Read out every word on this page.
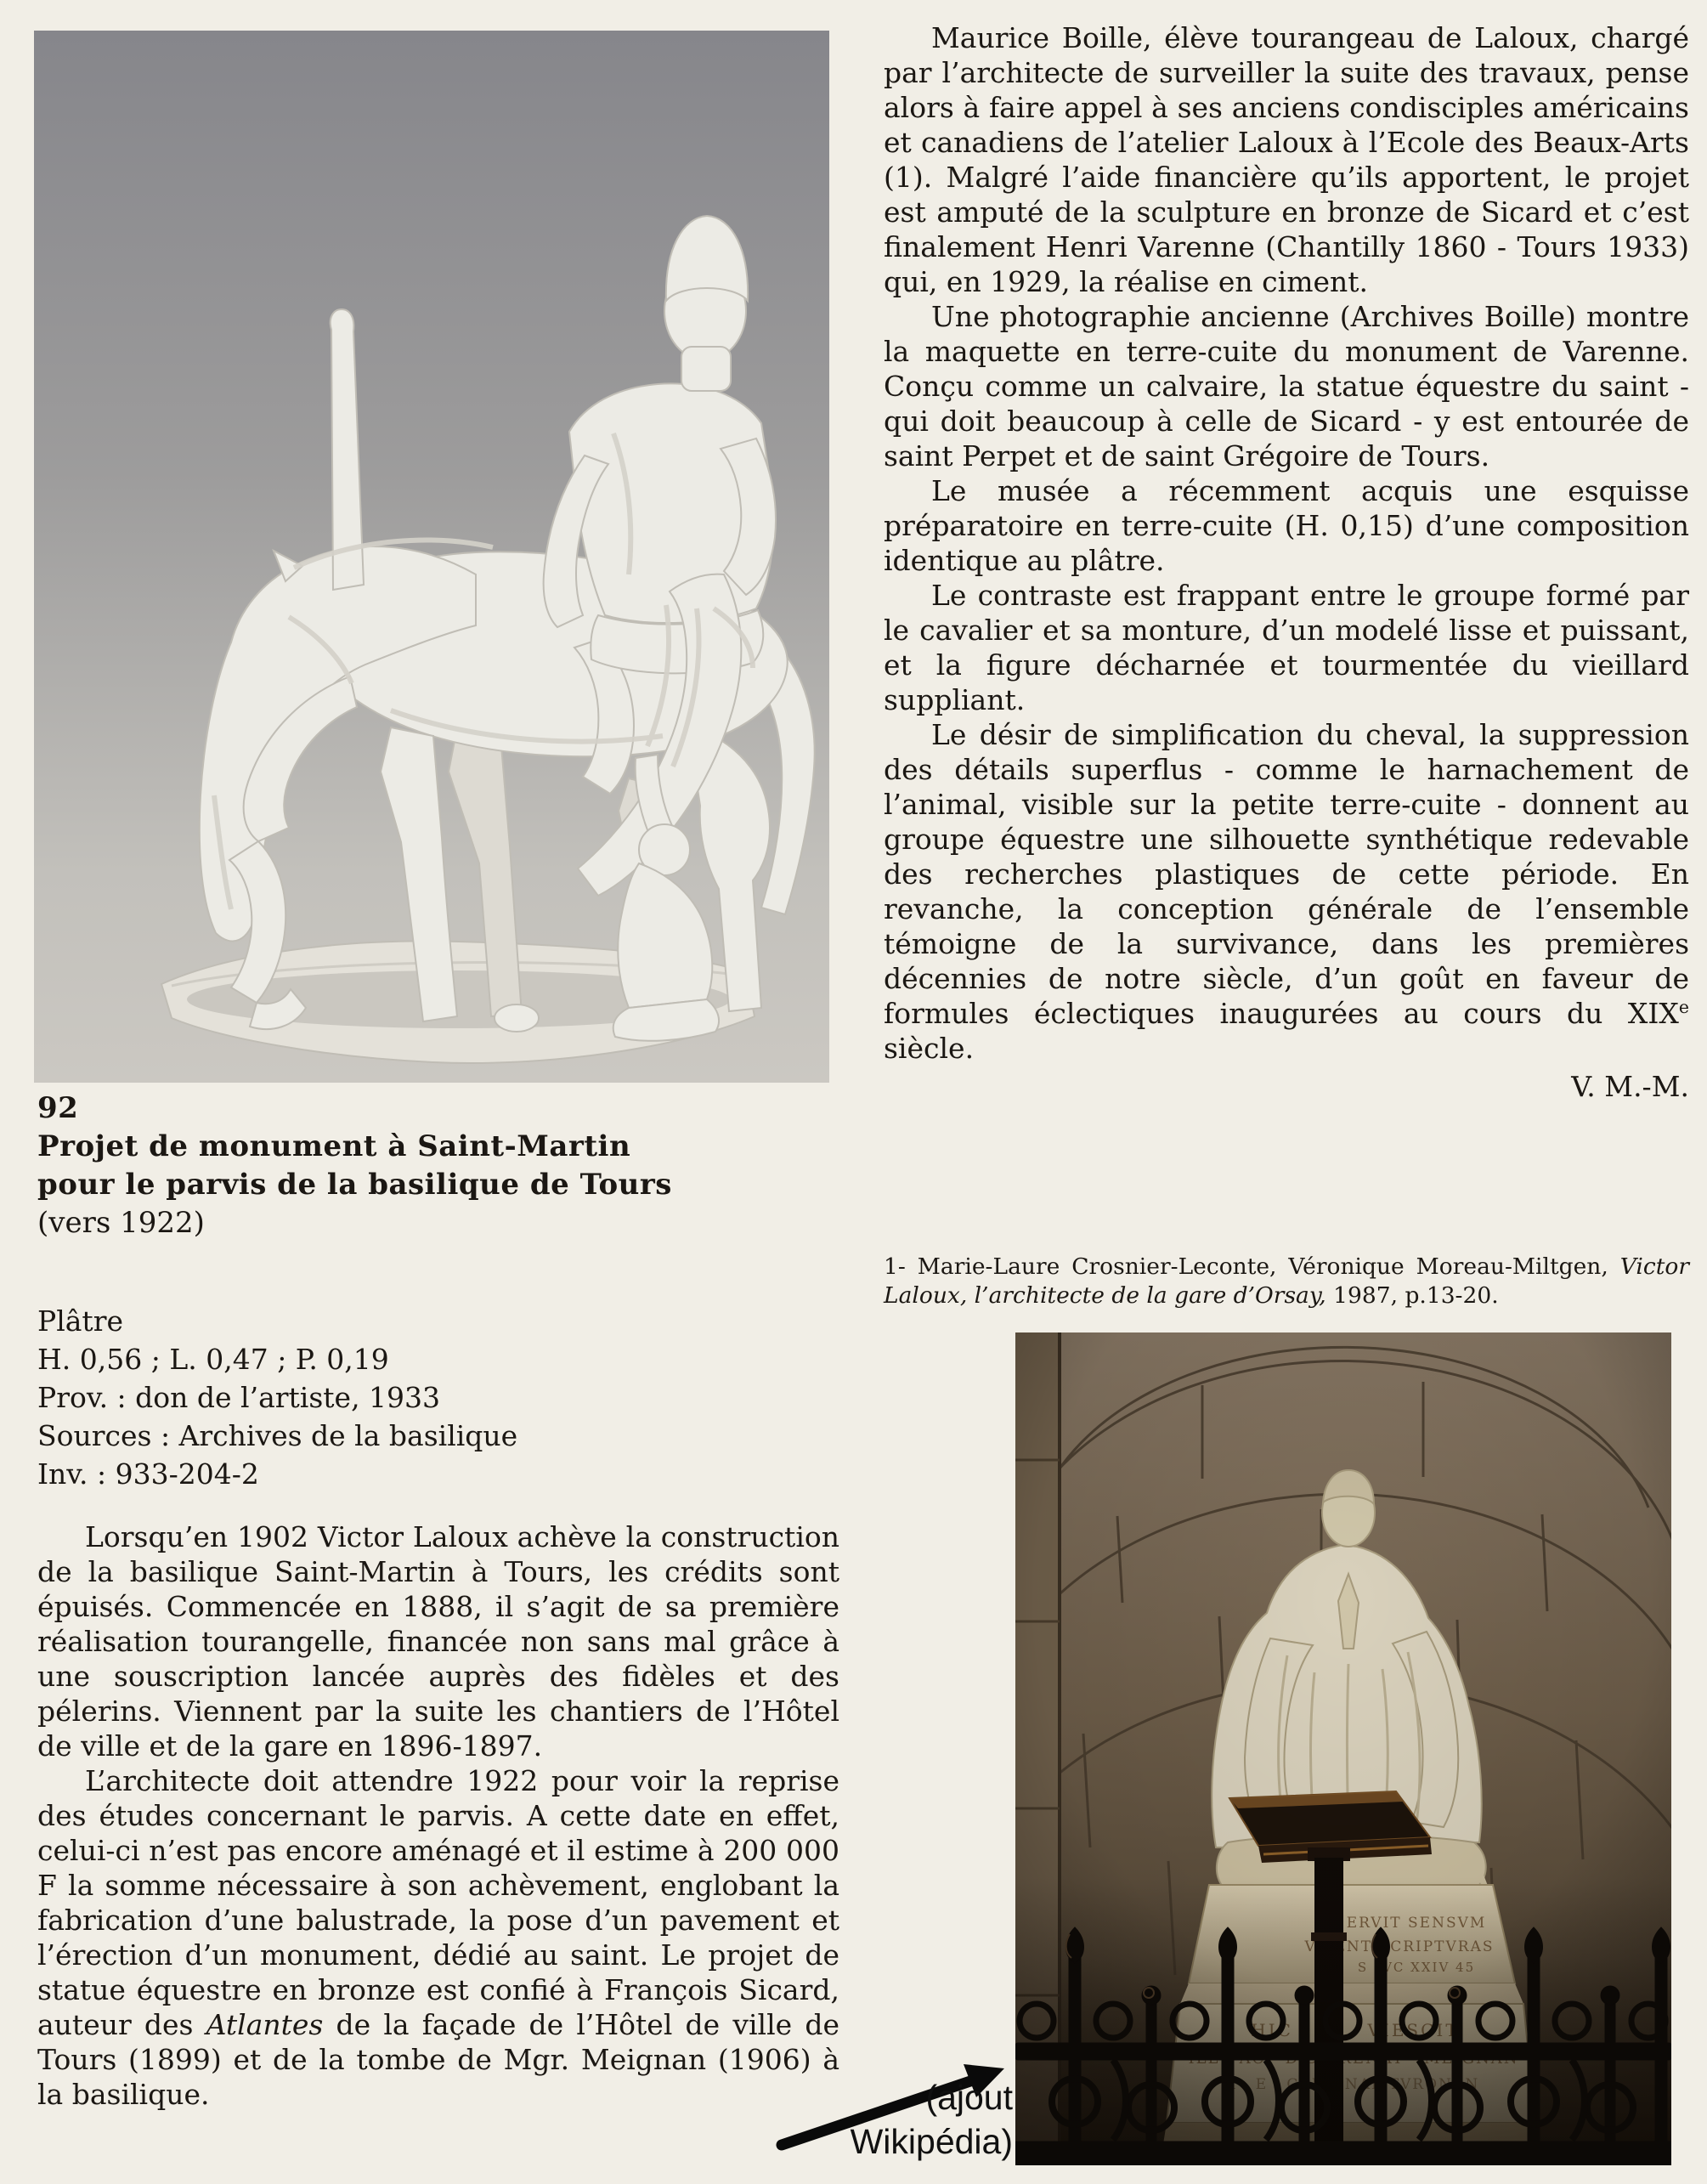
92
Projet de monument à Saint-Martin
pour le parvis de la basilique de Tours
(vers 1922)
Plâtre
H. 0,56 ; L. 0,47 ; P. 0,19
Prov. : don de l’artiste, 1933
Sources : Archives de la basilique
Inv. : 933-204-2

Lorsqu’en 1902 Victor Laloux achève la construction de la basilique Saint-Martin à Tours, les crédits sont épuisés. Commencée en 1888, il s’agit de sa première réalisation tourangelle, financée non sans mal grâce à une souscription lancée auprès des fidèles et des pélerins. Viennent par la suite les chantiers de l’Hôtel de ville et de la gare en 1896-1897.

L’architecte doit attendre 1922 pour voir la reprise des études concernant le parvis. A cette date en effet, celui-ci n’est pas encore aménagé et il estime à 200 000 F la somme nécessaire à son achèvement, englobant la fabrication d’une balustrade, la pose d’un pavement et l’érection d’un monument, dédié au saint. Le projet de statue équestre en bronze est confié à François Sicard, auteur des Atlantes de la façade de l’Hôtel de ville de Tours (1899) et de la tombe de Mgr. Meignan (1906) à la basilique.

Maurice Boille, élève tourangeau de Laloux, chargé par l’architecte de surveiller la suite des travaux, pense alors à faire appel à ses anciens condisciples américains et canadiens de l’atelier Laloux à l’Ecole des Beaux-Arts (1). Malgré l’aide financière qu’ils apportent, le projet est amputé de la sculpture en bronze de Sicard et c’est finalement Henri Varenne (Chantilly 1860 - Tours 1933) qui, en 1929, la réalise en ciment.

Une photographie ancienne (Archives Boille) montre la maquette en terre-cuite du monument de Varenne. Conçu comme un calvaire, la statue équestre du saint - qui doit beaucoup à celle de Sicard - y est entourée de saint Perpet et de saint Grégoire de Tours.

Le musée a récemment acquis une esquisse préparatoire en terre-cuite (H. 0,15) d’une composition identique au plâtre.

Le contraste est frappant entre le groupe formé par le cavalier et sa monture, d’un modelé lisse et puissant, et la figure décharnée et tourmentée du vieillard suppliant.

Le désir de simplification du cheval, la suppression des détails superflus - comme le harnachement de l’animal, visible sur la petite terre-cuite - donnent au groupe équestre une silhouette synthétique redevable des recherches plastiques de cette période. En revanche, la conception générale de l’ensemble témoigne de la survivance, dans les premières décennies de notre siècle, d’un goût en faveur de formules éclectiques inaugurées au cours du XIXe siècle.

V. M.-M.

1- Marie-Laure Crosnier-Leconte, Véronique Moreau-Miltgen, Victor Laloux, l’architecte de la gare d’Orsay, 1987, p.13-20.
(ajout
Wikipédia)
